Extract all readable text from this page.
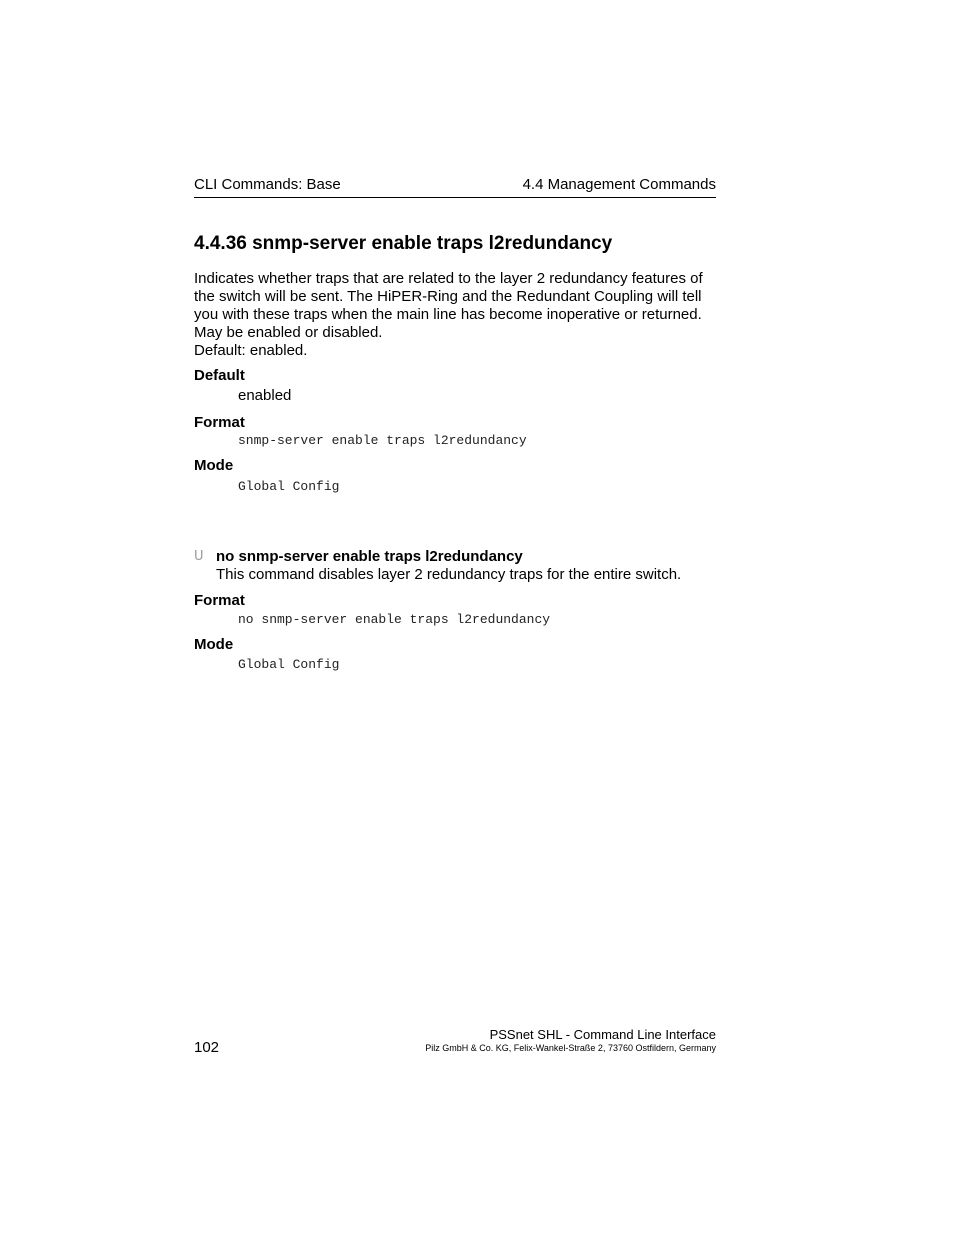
CLI Commands: Base	4.4 Management Commands
4.4.36 snmp-server enable traps l2redundancy
Indicates whether traps that are related to the layer 2 redundancy features of
the switch will be sent. The HiPER-Ring and the Redundant Coupling will tell
you with these traps when the main line has become inoperative or returned.
May be enabled or disabled.
Default: enabled.
Default
enabled
Format
snmp-server enable traps l2redundancy
Mode
Global Config
U no snmp-server enable traps l2redundancy
This command disables layer 2 redundancy traps for the entire switch.
Format
no snmp-server enable traps l2redundancy
Mode
Global Config
102
PSSnet SHL - Command Line Interface
Pilz GmbH & Co. KG, Felix-Wankel-Straße 2, 73760 Ostfildern, Germany
